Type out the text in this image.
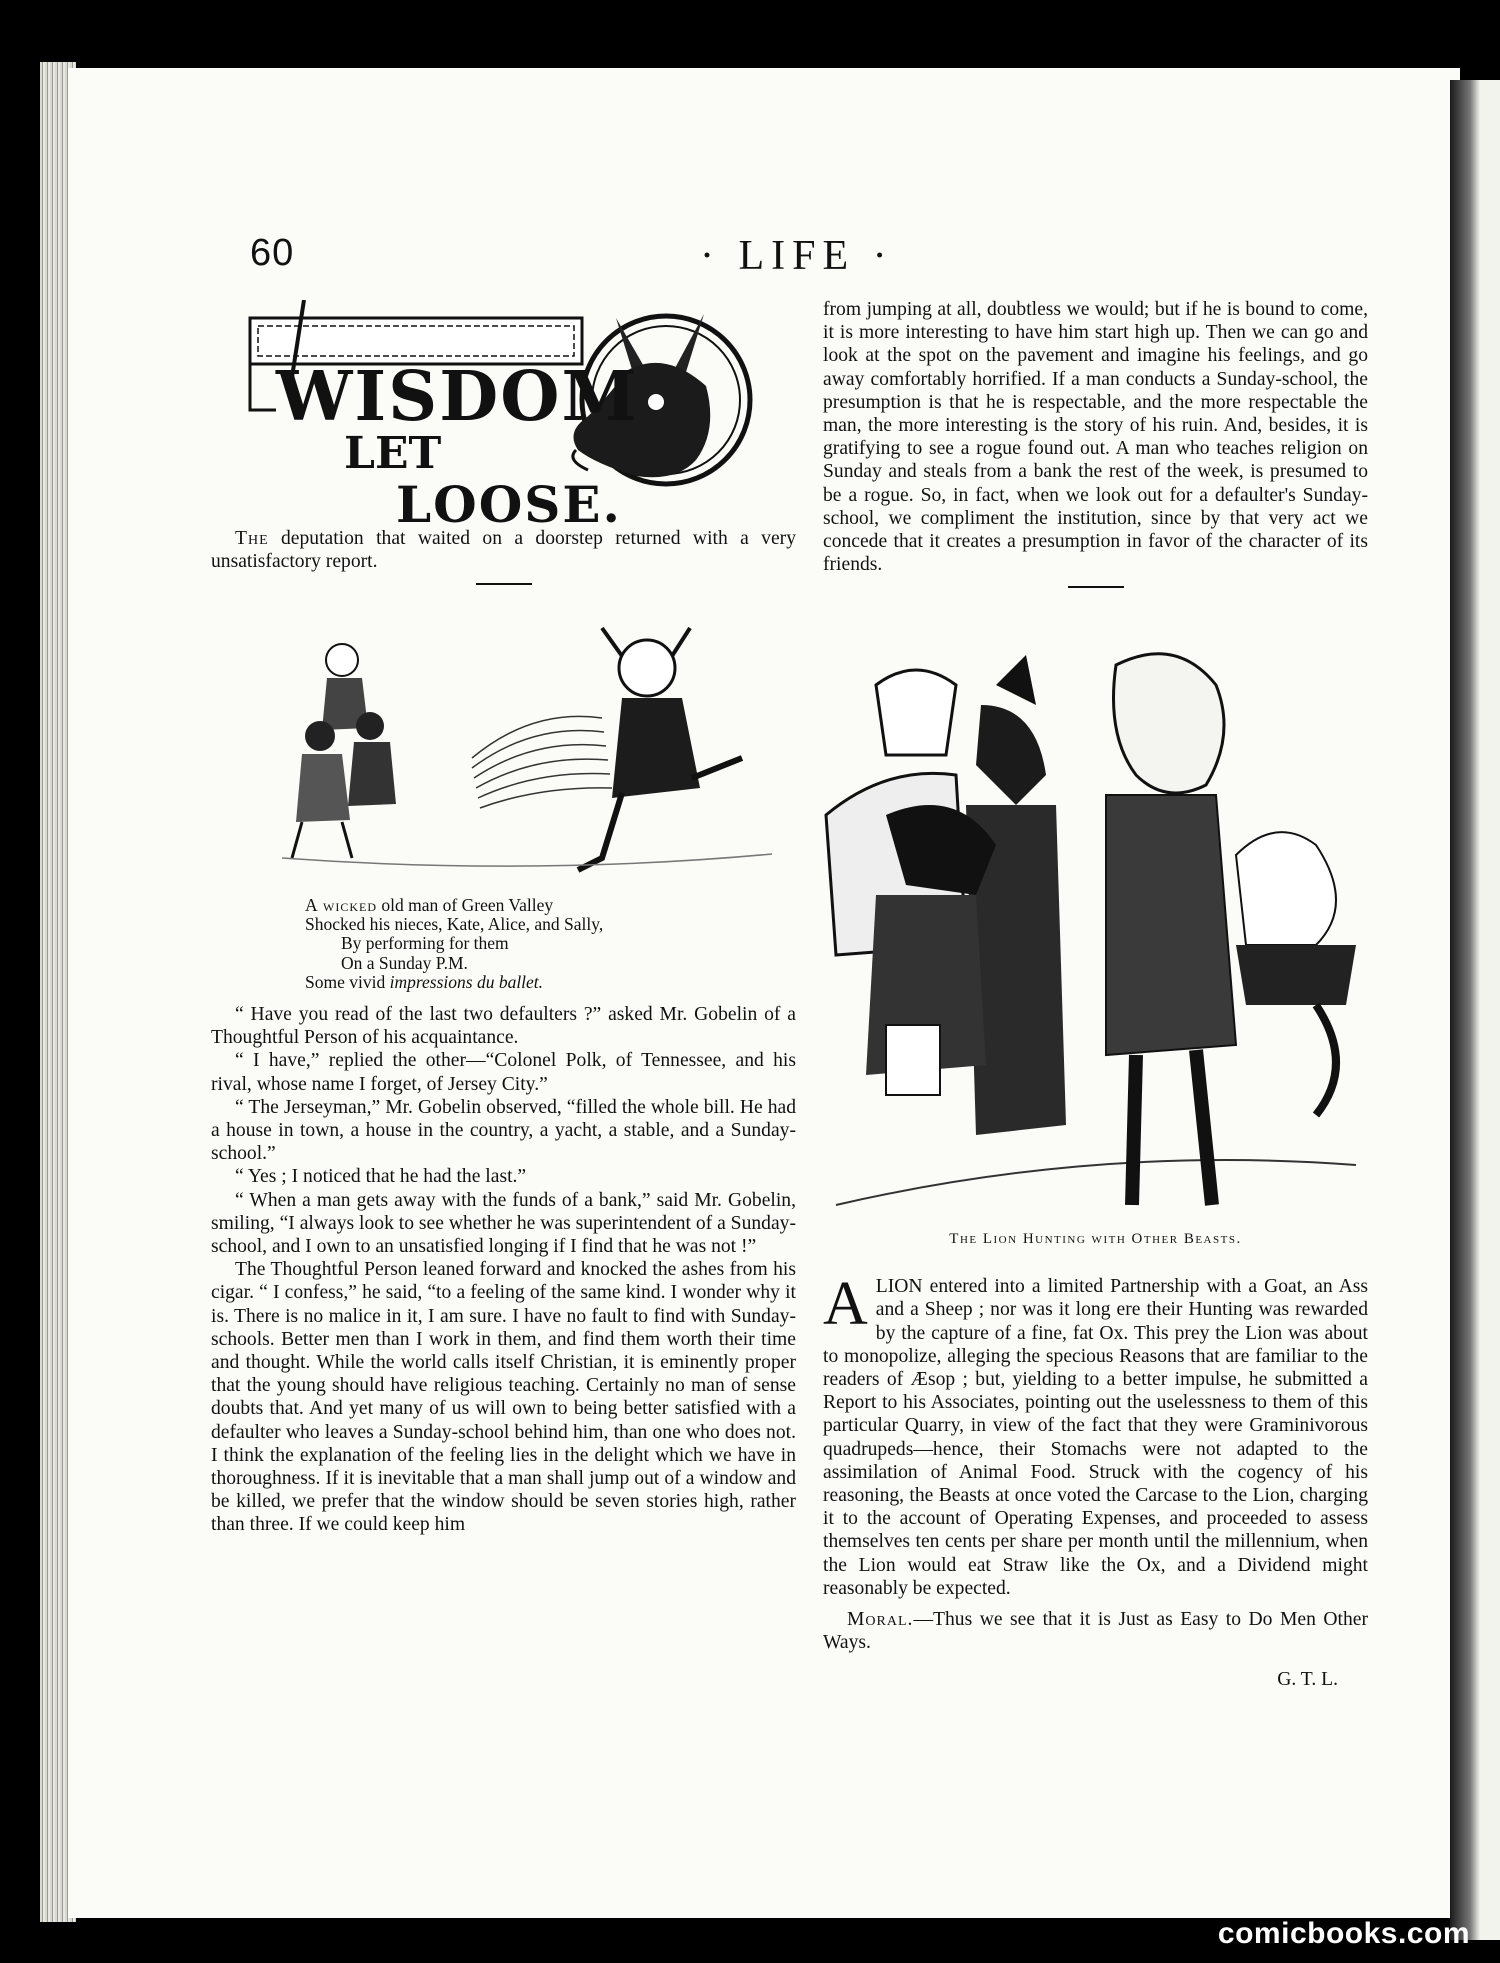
60	· LIFE ·
WISDOM
LET
LOOSE.

The deputation that waited on a doorstep returned with a very unsatisfactory report.

A wicked old man of Green Valley
Shocked his nieces, Kate, Alice, and Sally,
By performing for them
On a Sunday P.M.
Some vivid impressions du ballet.

“ Have you read of the last two defaulters ?” asked Mr. Gobelin of a Thoughtful Person of his acquaintance.

“ I have,” replied the other—“Colonel Polk, of Tennessee, and his rival, whose name I forget, of Jersey City.”

“ The Jerseyman,” Mr. Gobelin observed, “filled the whole bill. He had a house in town, a house in the country, a yacht, a stable, and a Sunday-school.”

“ Yes ; I noticed that he had the last.”

“ When a man gets away with the funds of a bank,” said Mr. Gobelin, smiling, “I always look to see whether he was superintendent of a Sunday-school, and I own to an unsatisfied longing if I find that he was not !”

The Thoughtful Person leaned forward and knocked the ashes from his cigar. “ I confess,” he said, “to a feeling of the same kind. I wonder why it is. There is no malice in it, I am sure. I have no fault to find with Sunday-schools. Better men than I work in them, and find them worth their time and thought. While the world calls itself Christian, it is eminently proper that the young should have religious teaching. Certainly no man of sense doubts that. And yet many of us will own to being better satisfied with a defaulter who leaves a Sunday-school behind him, than one who does not. I think the explanation of the feeling lies in the delight which we have in thoroughness. If it is inevitable that a man shall jump out of a window and be killed, we prefer that the window should be seven stories high, rather than three. If we could keep him

from jumping at all, doubtless we would; but if he is bound to come, it is more interesting to have him start high up. Then we can go and look at the spot on the pavement and imagine his feelings, and go away comfortably horrified. If a man conducts a Sunday-school, the presumption is that he is respectable, and the more respectable the man, the more interesting is the story of his ruin. And, besides, it is gratifying to see a rogue found out. A man who teaches religion on Sunday and steals from a bank the rest of the week, is presumed to be a rogue. So, in fact, when we look out for a defaulter's Sunday-school, we compliment the institution, since by that very act we concede that it creates a presumption in favor of the character of its friends.

The Lion Hunting with Other Beasts.

ALION entered into a limited Partnership with a Goat, an Ass and a Sheep ; nor was it long ere their Hunting was rewarded by the capture of a fine, fat Ox. This prey the Lion was about to monopolize, alleging the specious Reasons that are familiar to the readers of Æsop ; but, yielding to a better impulse, he submitted a Report to his Associates, pointing out the uselessness to them of this particular Quarry, in view of the fact that they were Graminivorous quadrupeds—hence, their Stomachs were not adapted to the assimilation of Animal Food. Struck with the cogency of his reasoning, the Beasts at once voted the Carcase to the Lion, charging it to the account of Operating Expenses, and proceeded to assess themselves ten cents per share per month until the millennium, when the Lion would eat Straw like the Ox, and a Dividend might reasonably be expected.

Moral.—Thus we see that it is Just as Easy to Do Men Other Ways.

G. T. L.
comicbooks.com
